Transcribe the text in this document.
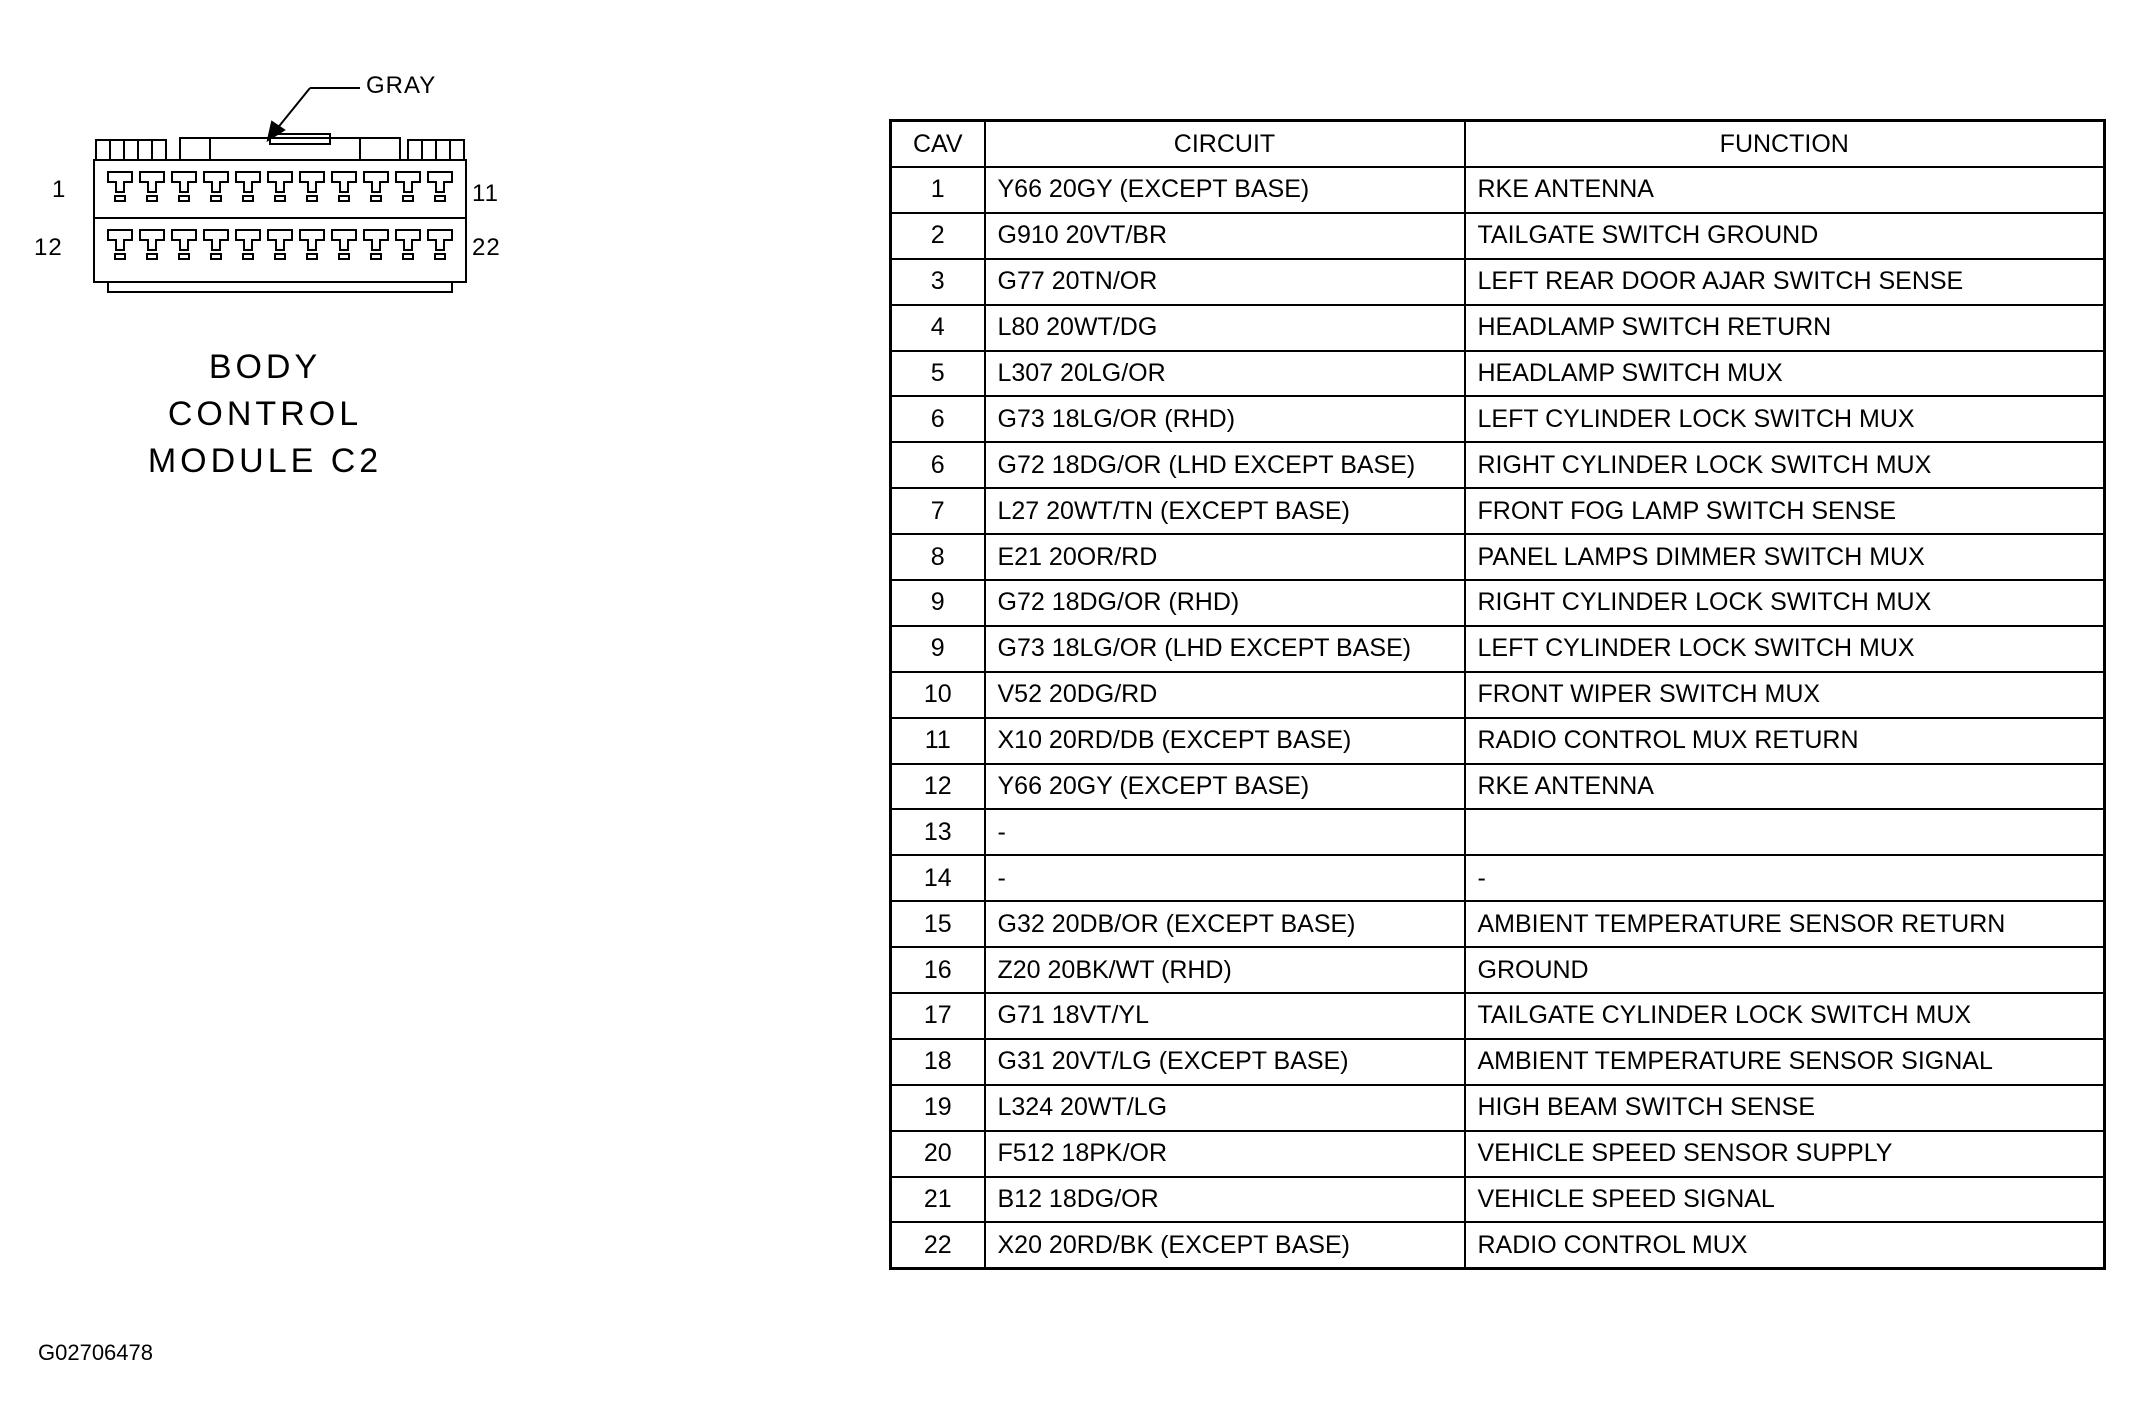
GRAY
1	11
12	22
BODY
CONTROL
MODULE C2
CAV	CIRCUIT	FUNCTION
1	Y66 20GY (EXCEPT BASE)	RKE ANTENNA
2	G910 20VT/BR	TAILGATE SWITCH GROUND
3	G77 20TN/OR	LEFT REAR DOOR AJAR SWITCH SENSE
4	L80 20WT/DG	HEADLAMP SWITCH RETURN
5	L307 20LG/OR	HEADLAMP SWITCH MUX
6	G73 18LG/OR (RHD)	LEFT CYLINDER LOCK SWITCH MUX
6	G72 18DG/OR (LHD EXCEPT BASE)	RIGHT CYLINDER LOCK SWITCH MUX
7	L27 20WT/TN (EXCEPT BASE)	FRONT FOG LAMP SWITCH SENSE
8	E21 20OR/RD	PANEL LAMPS DIMMER SWITCH MUX
9	G72 18DG/OR (RHD)	RIGHT CYLINDER LOCK SWITCH MUX
9	G73 18LG/OR (LHD EXCEPT BASE)	LEFT CYLINDER LOCK SWITCH MUX
10	V52 20DG/RD	FRONT WIPER SWITCH MUX
11	X10 20RD/DB (EXCEPT BASE)	RADIO CONTROL MUX RETURN
12	Y66 20GY (EXCEPT BASE)	RKE ANTENNA
13	-	
14	-	-
15	G32 20DB/OR (EXCEPT BASE)	AMBIENT TEMPERATURE SENSOR RETURN
16	Z20 20BK/WT (RHD)	GROUND
17	G71 18VT/YL	TAILGATE CYLINDER LOCK SWITCH MUX
18	G31 20VT/LG (EXCEPT BASE)	AMBIENT TEMPERATURE SENSOR SIGNAL
19	L324 20WT/LG	HIGH BEAM SWITCH SENSE
20	F512 18PK/OR	VEHICLE SPEED SENSOR SUPPLY
21	B12 18DG/OR	VEHICLE SPEED SIGNAL
22	X20 20RD/BK (EXCEPT BASE)	RADIO CONTROL MUX
G02706478
